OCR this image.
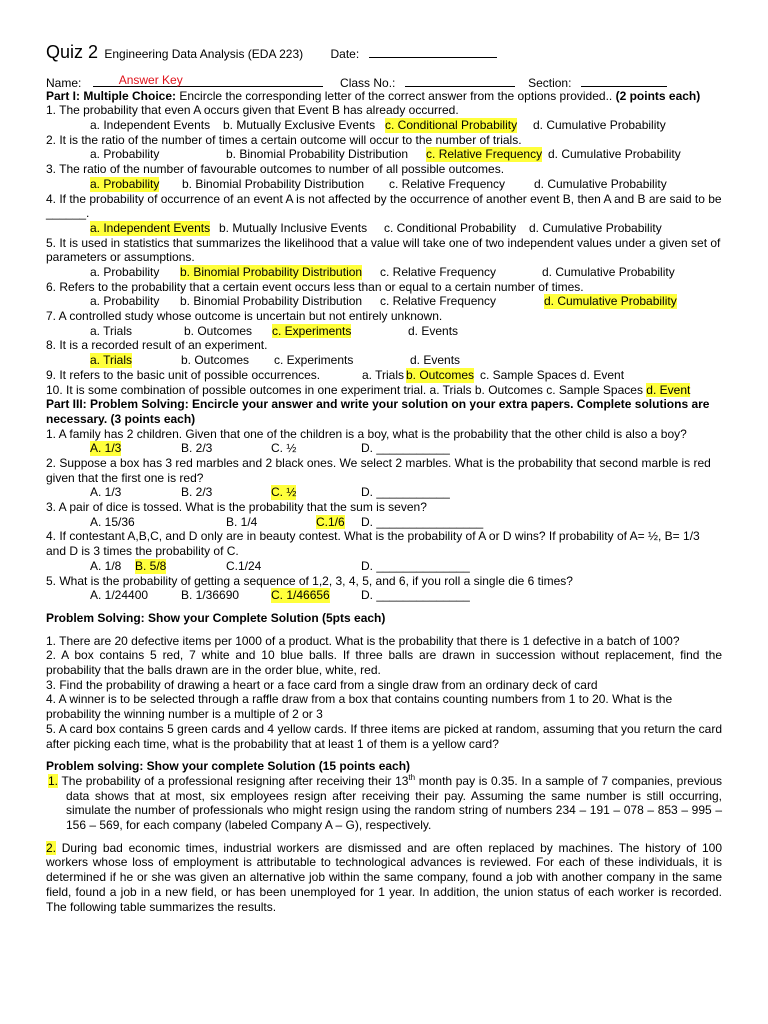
Quiz 2 Engineering Data Analysis (EDA 223) Date:
Name:	Answer Key	Class No.:	Section:
Part I: Multiple Choice: Encircle the corresponding letter of the correct answer from the options provided.. (2 points each)
1. The probability that even A occurs given that Event B has already occurred.
a. Independent Events b. Mutually Exclusive Events c. Conditional Probability d. Cumulative Probability
2. It is the ratio of the number of times a certain outcome will occur to the number of trials.
a. Probability	b. Binomial Probability Distribution c. Relative Frequency d. Cumulative Probability
3. The ratio of the number of favourable outcomes to number of all possible outcomes.
a. Probability b. Binomial Probability Distribution c. Relative Frequency d. Cumulative Probability
4. If the probability of occurrence of an event A is not affected by the occurrence of another event B, then A and B are said to be ______.
a. Independent Events b. Mutually Inclusive Events c. Conditional Probability d. Cumulative Probability
5. It is used in statistics that summarizes the likelihood that a value will take one of two independent values under a given set of parameters or assumptions.
a. Probability b. Binomial Probability Distribution c. Relative Frequency	d. Cumulative Probability
6. Refers to the probability that a certain event occurs less than or equal to a certain number of times.
a. Probability b. Binomial Probability Distribution c. Relative Frequency	d. Cumulative Probability
7. A controlled study whose outcome is uncertain but not entirely unknown.
a. Trials	b. Outcomes c. Experiments	d. Events
8. It is a recorded result of an experiment.
a. Trials	b. Outcomes c. Experiments	d. Events
9. It refers to the basic unit of possible occurrences.	a. Trials b. Outcomes c. Sample Spaces d. Event
10. It is some combination of possible outcomes in one experiment trial. a. Trials b. Outcomes c. Sample Spaces d. Event
Part III: Problem Solving: Encircle your answer and write your solution on your extra papers. Complete solutions are necessary. (3 points each)
1. A family has 2 children. Given that one of the children is a boy, what is the probability that the other child is also a boy?
A. 1/3	B. 2/3	C. ½	D. ___________
2. Suppose a box has 3 red marbles and 2 black ones. We select 2 marbles. What is the probability that second marble is red given that the first one is red?
A. 1/3	B. 2/3	C. ½	D. ___________
3. A pair of dice is tossed. What is the probability that the sum is seven?
A. 15/36	B. 1/4	C.1/6 D. ________________
4. If contestant A,B,C, and D only are in beauty contest. What is the probability of A or D wins? If probability of A= ½, B= 1/3 and D is 3 times the probability of C.
A. 1/8 B. 5/8	C.1/24	D. ______________
5. What is the probability of getting a sequence of 1,2, 3, 4, 5, and 6, if you roll a single die 6 times?
A. 1/24400	B. 1/36690	C. 1/46656	D. ______________
Problem Solving: Show your Complete Solution (5pts each)
1. There are 20 defective items per 1000 of a product. What is the probability that there is 1 defective in a batch of 100?
2. A box contains 5 red, 7 white and 10 blue balls. If three balls are drawn in succession without replacement, find the probability that the balls drawn are in the order blue, white, red.
3. Find the probability of drawing a heart or a face card from a single draw from an ordinary deck of card
4. A winner is to be selected through a raffle draw from a box that contains counting numbers from 1 to 20. What is the probability the winning number is a multiple of 2 or 3
5. A card box contains 5 green cards and 4 yellow cards. If three items are picked at random, assuming that you return the card after picking each time, what is the probability that at least 1 of them is a yellow card?
Problem solving: Show your complete Solution (15 points each)
1. The probability of a professional resigning after receiving their 13th month pay is 0.35. In a sample of 7 companies, previous data shows that at most, six employees resign after receiving their pay. Assuming the same number is still occurring, simulate the number of professionals who might resign using the random string of numbers 234 – 191 – 078 – 853 – 995 – 156 – 569, for each company (labeled Company A – G), respectively.
2. During bad economic times, industrial workers are dismissed and are often replaced by machines. The history of 100 workers whose loss of employment is attributable to technological advances is reviewed. For each of these individuals, it is determined if he or she was given an alternative job within the same company, found a job with another company in the same field, found a job in a new field, or has been unemployed for 1 year. In addition, the union status of each worker is recorded. The following table summarizes the results.
